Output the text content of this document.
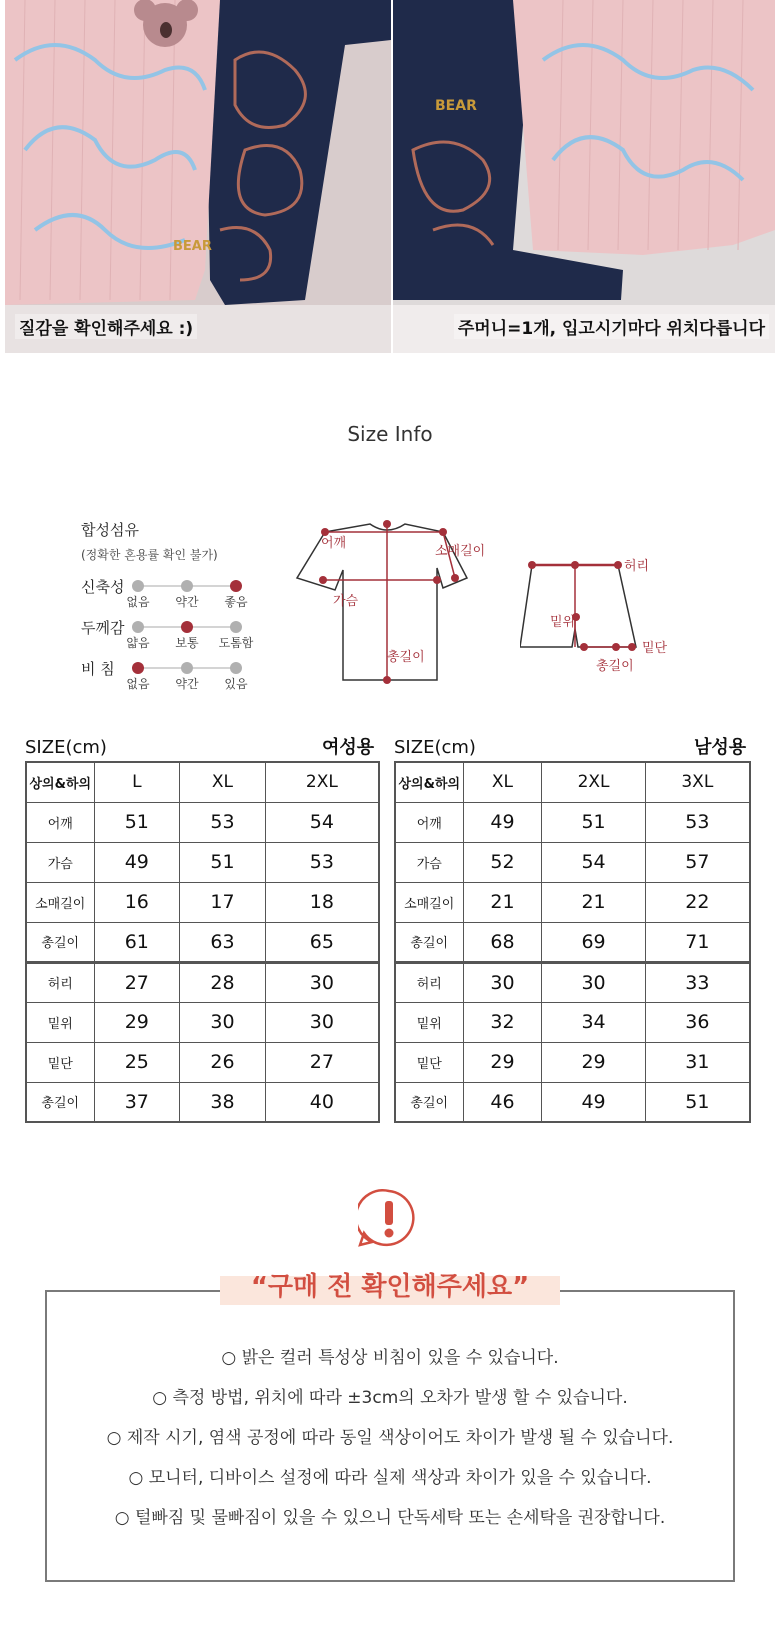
BEAR
질감을 확인해주세요 :)
BEAR
주머니=1개, 입고시기마다 위치다릅니다
Size Info
합성섬유
(정확한 혼용률 확인 불가)
신축성
없음 약간 좋음
두께감
얇음 보통 도톰함
비 침
없음 약간 있음
어깨
소매길이
가슴
총길이
허리
밑위
밑단
총길이
SIZE(cm)	여성용
상의&하의	L	XL	2XL
어깨	51	53	54
가슴	49	51	53
소매길이	16	17	18
총길이	61	63	65
허리	27	28	30
밑위	29	30	30
밑단	25	26	27
총길이	37	38	40
SIZE(cm)	남성용
상의&하의	XL	2XL	3XL
어깨	49	51	53
가슴	52	54	57
소매길이	21	21	22
총길이	68	69	71
허리	30	30	33
밑위	32	34	36
밑단	29	29	31
총길이	46	49	51
“구매 전 확인해주세요”
○ 밝은 컬러 특성상 비침이 있을 수 있습니다.
○ 측정 방법, 위치에 따라 ±3cm의 오차가 발생 할 수 있습니다.
○ 제작 시기, 염색 공정에 따라 동일 색상이어도 차이가 발생 될 수 있습니다.
○ 모니터, 디바이스 설정에 따라 실제 색상과 차이가 있을 수 있습니다.
○ 털빠짐 및 물빠짐이 있을 수 있으니 단독세탁 또는 손세탁을 권장합니다.
